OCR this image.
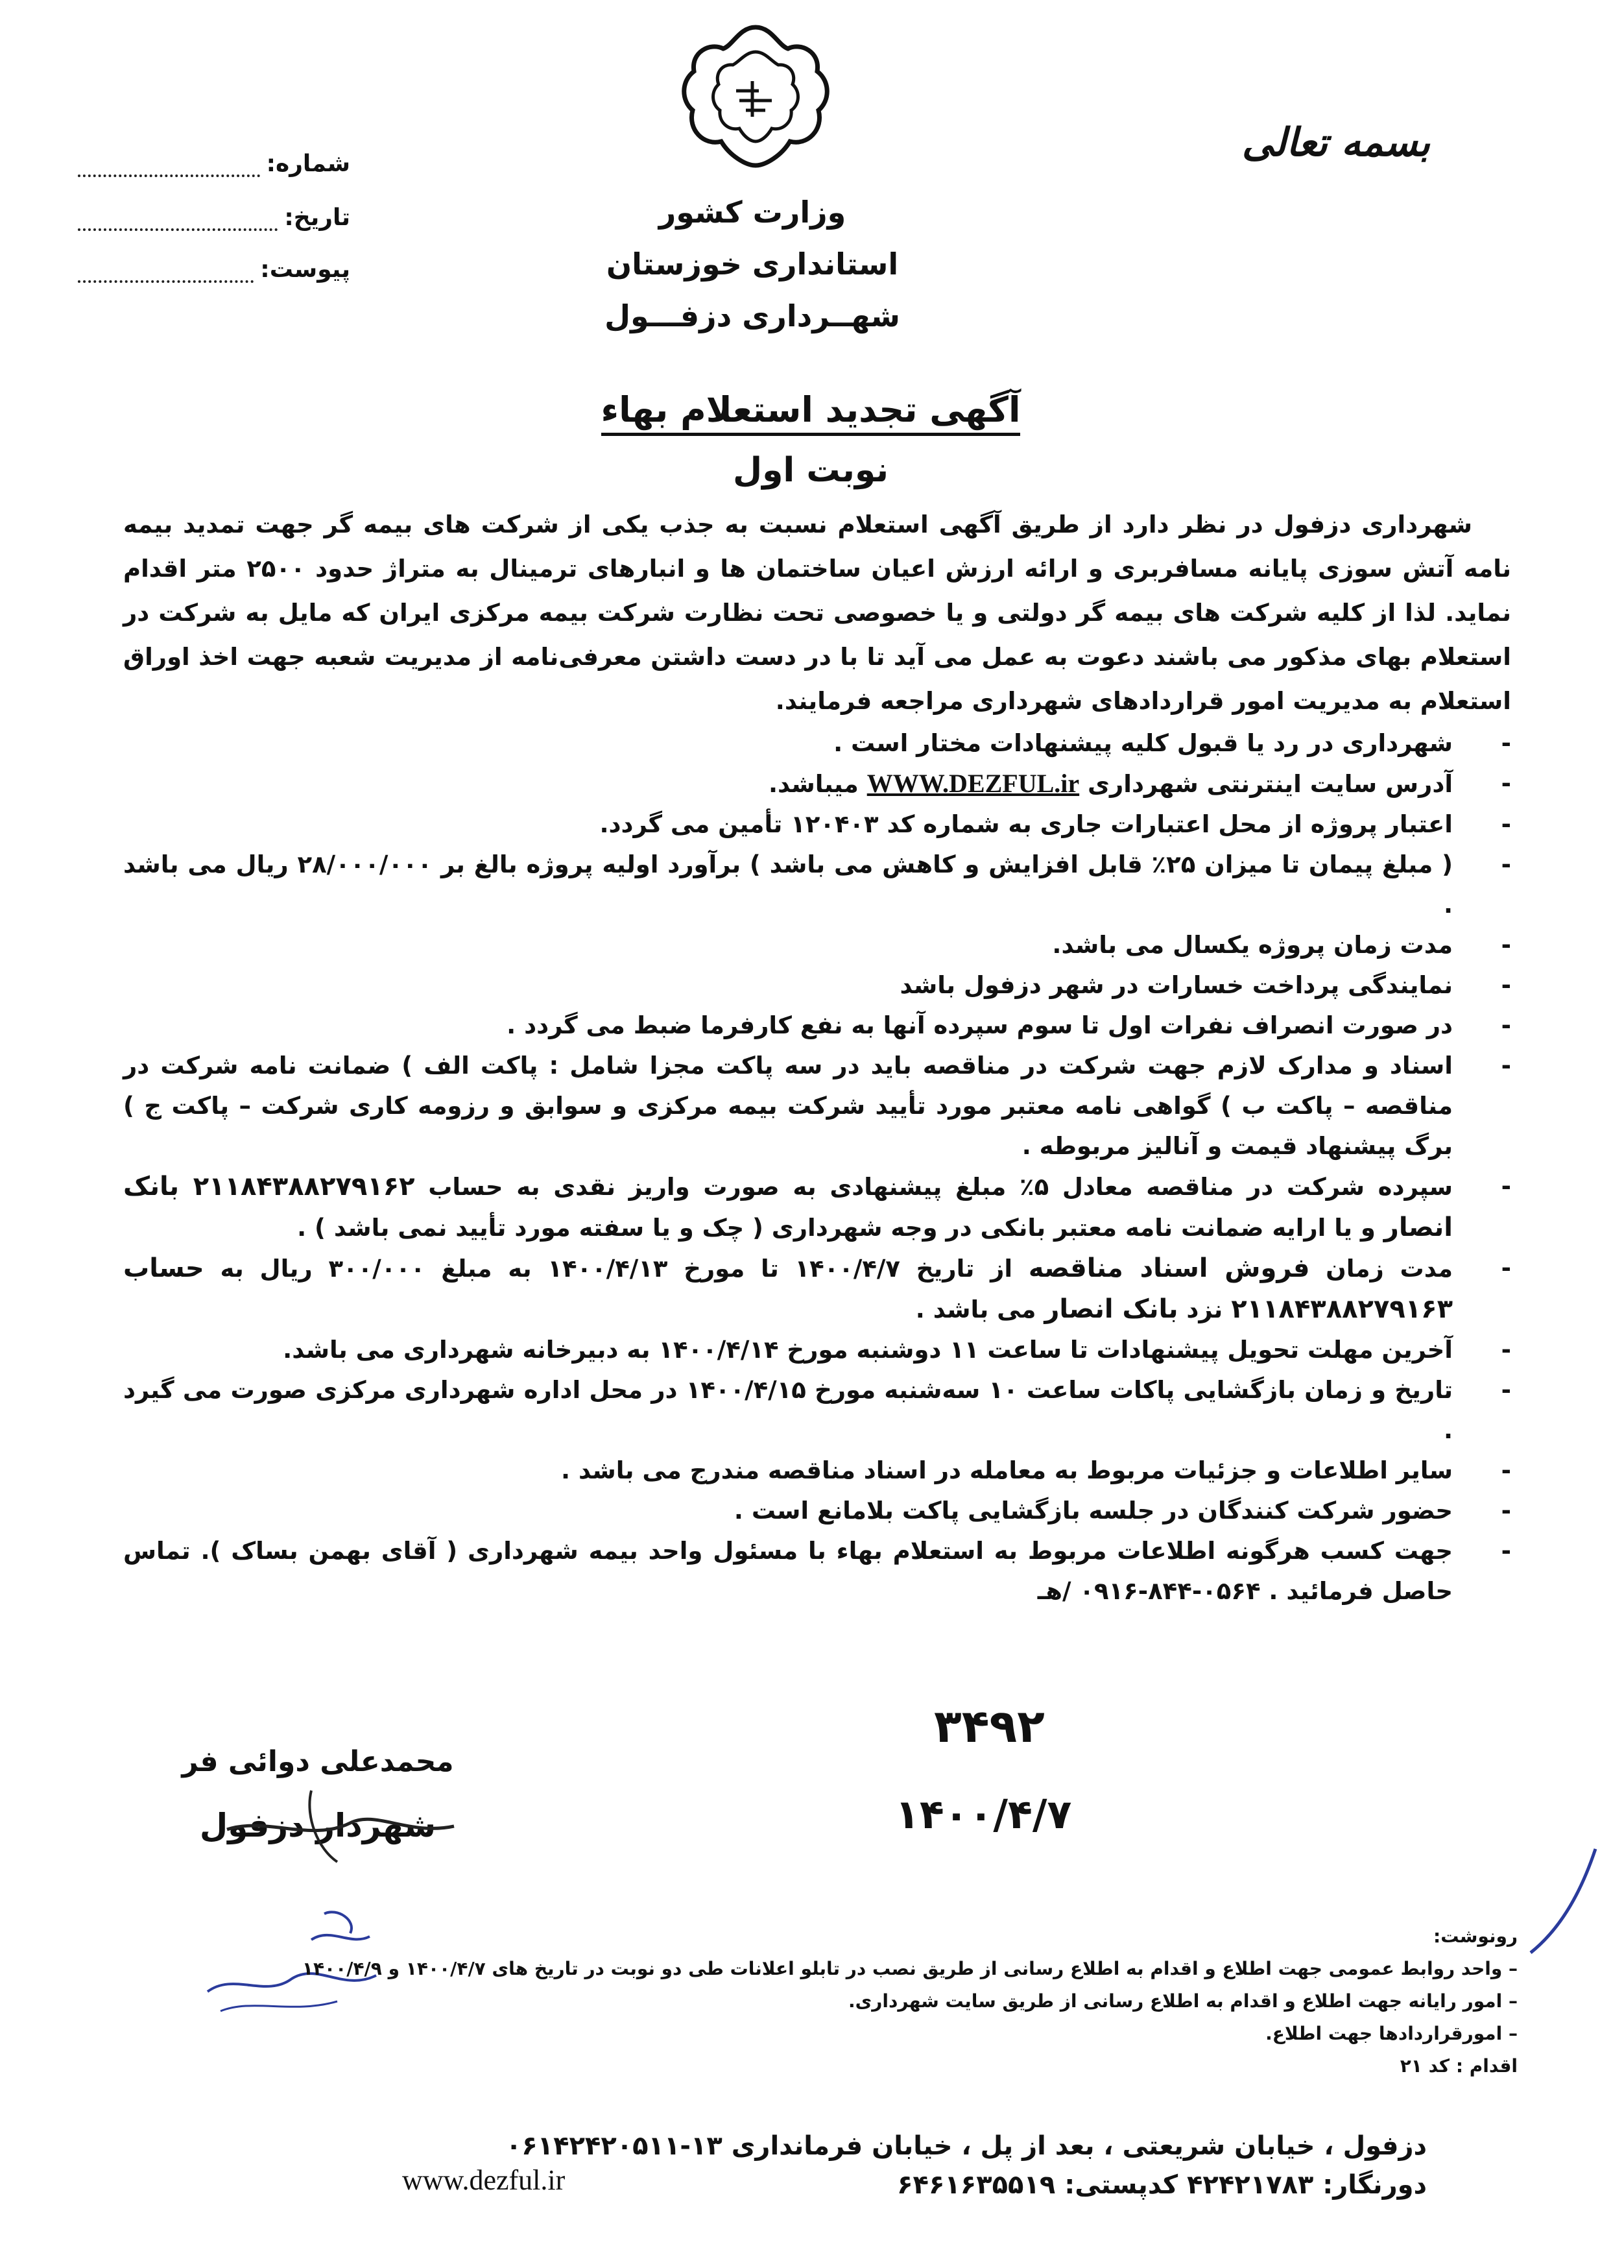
بسمه تعالی
شماره:
تاریخ:
پیوست:
وزارت کشور
استانداری خوزستان
شهــرداری دزفـــول
آگهی تجدید استعلام بهاء
نوبت اول

شهرداری دزفول در نظر دارد از طریق آگهی استعلام نسبت به جذب یکی از شرکت های بیمه گر جهت تمدید بیمه نامه آتش سوزی پایانه مسافربری و ارائه ارزش اعیان ساختمان ها و انبارهای ترمینال به متراژ حدود ۲۵۰۰ متر اقدام نماید. لذا از کلیه شرکت های بیمه گر دولتی و یا خصوصی تحت نظارت شرکت بیمه مرکزی ایران که مایل به شرکت در استعلام بهای مذکور می باشند دعوت به عمل می آید تا با در دست داشتن معرفی‌نامه از مدیریت شعبه جهت اخذ اوراق استعلام به مدیریت امور قراردادهای شهرداری مراجعه فرمایند.

- شهرداری در رد یا قبول کلیه پیشنهادات مختار است .
- آدرس سایت اینترنتی شهرداری WWW.DEZFUL.ir میباشد.
- اعتبار پروژه از محل اعتبارات جاری به شماره کد ۱۲۰۴۰۳ تأمین می گردد.
- ( مبلغ پیمان تا میزان ۲۵٪ قابل افزایش و کاهش می باشد ) برآورد اولیه پروژه بالغ بر ۲۸/۰۰۰/۰۰۰ ریال می باشد .
- مدت زمان پروژه یکسال می باشد.
- نمایندگی پرداخت خسارات در شهر دزفول باشد
- در صورت انصراف نفرات اول تا سوم سپرده آنها به نفع کارفرما ضبط می گردد .
- اسناد و مدارک لازم جهت شرکت در مناقصه باید در سه پاکت مجزا شامل : پاکت الف ) ضمانت نامه شرکت در مناقصه – پاکت ب ) گواهی نامه معتبر مورد تأیید شرکت بیمه مرکزی و سوابق و رزومه کاری شرکت – پاکت ج ) برگ پیشنهاد قیمت و آنالیز مربوطه .
- سپرده شرکت در مناقصه معادل ۵٪ مبلغ پیشنهادی به صورت واریز نقدی به حساب ۲۱۱۸۴۳۸۸۲۷۹۱۶۲ بانک انصار و یا ارایه ضمانت نامه معتبر بانکی در وجه شهرداری ( چک و یا سفته مورد تأیید نمی باشد ) .
- مدت زمان فروش اسناد مناقصه از تاریخ ۱۴۰۰/۴/۷ تا مورخ ۱۴۰۰/۴/۱۳ به مبلغ ۳۰۰/۰۰۰ ریال به حساب ۲۱۱۸۴۳۸۸۲۷۹۱۶۳ نزد بانک انصار می باشد .
- آخرین مهلت تحویل پیشنهادات تا ساعت ۱۱ دوشنبه مورخ ۱۴۰۰/۴/۱۴ به دبیرخانه شهرداری می باشد.
- تاریخ و زمان بازگشایی پاکات ساعت ۱۰ سه‌شنبه مورخ ۱۴۰۰/۴/۱۵ در محل اداره شهرداری مرکزی صورت می گیرد .
- سایر اطلاعات و جزئیات مربوط به معامله در اسناد مناقصه مندرج می باشد .
- حضور شرکت کنندگان در جلسه بازگشایی پاکت بلامانع است .
- جهت کسب هرگونه اطلاعات مربوط به استعلام بهاء با مسئول واحد بیمه شهرداری ( آقای بهمن بساک ). تماس حاصل فرمائید . ۰۵۶۴-۸۴۴-۰۹۱۶ /هـ
۳۴۹۲
۱۴۰۰/۴/۷
محمدعلی دوائی فر
شهردار دزفول
رونوشت:
– واحد روابط عمومی جهت اطلاع و اقدام به اطلاع رسانی از طریق نصب در تابلو اعلانات طی دو نوبت در تاریخ های ۱۴۰۰/۴/۷ و ۱۴۰۰/۴/۹
– امور رایانه جهت اطلاع و اقدام به اطلاع رسانی از طریق سایت شهرداری.
– امورقراردادها جهت اطلاع.
اقدام : کد ۲۱
دزفول ، خیابان شریعتی ، بعد از پل ، خیابان فرمانداری ۱۳-۰۶۱۴۲۴۲۰۵۱۱
دورنگار: ۴۲۴۲۱۷۸۳ کدپستی: ۶۴۶۱۶۳۵۵۱۹
www.dezful.ir
